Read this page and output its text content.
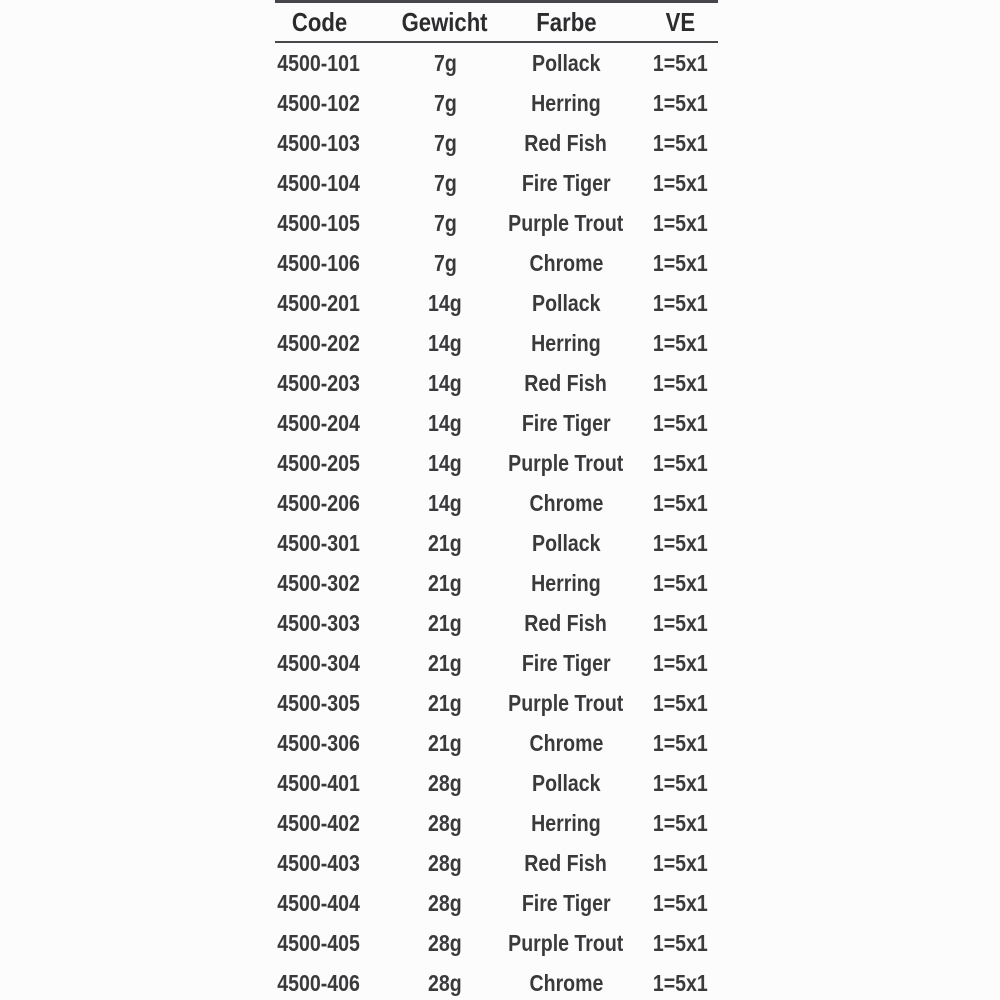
Code Gewicht Farbe	VE
4500-101	7g	Pollack 1=5x1
4500-102	7g	Herring 1=5x1
4500-103	7g	Red Fish 1=5x1
4500-104	7g	Fire Tiger 1=5x1
4500-105	7g Purple Trout 1=5x1
4500-106	7g	Chrome 1=5x1
4500-201	14g	Pollack 1=5x1
4500-202	14g	Herring 1=5x1
4500-203	14g	Red Fish 1=5x1
4500-204	14g	Fire Tiger 1=5x1
4500-205	14g Purple Trout 1=5x1
4500-206	14g	Chrome 1=5x1
4500-301	21g	Pollack 1=5x1
4500-302	21g	Herring 1=5x1
4500-303	21g	Red Fish 1=5x1
4500-304	21g	Fire Tiger 1=5x1
4500-305	21g Purple Trout 1=5x1
4500-306	21g	Chrome 1=5x1
4500-401	28g	Pollack 1=5x1
4500-402	28g	Herring 1=5x1
4500-403	28g	Red Fish 1=5x1
4500-404	28g	Fire Tiger 1=5x1
4500-405	28g Purple Trout 1=5x1
4500-406	28g	Chrome 1=5x1
